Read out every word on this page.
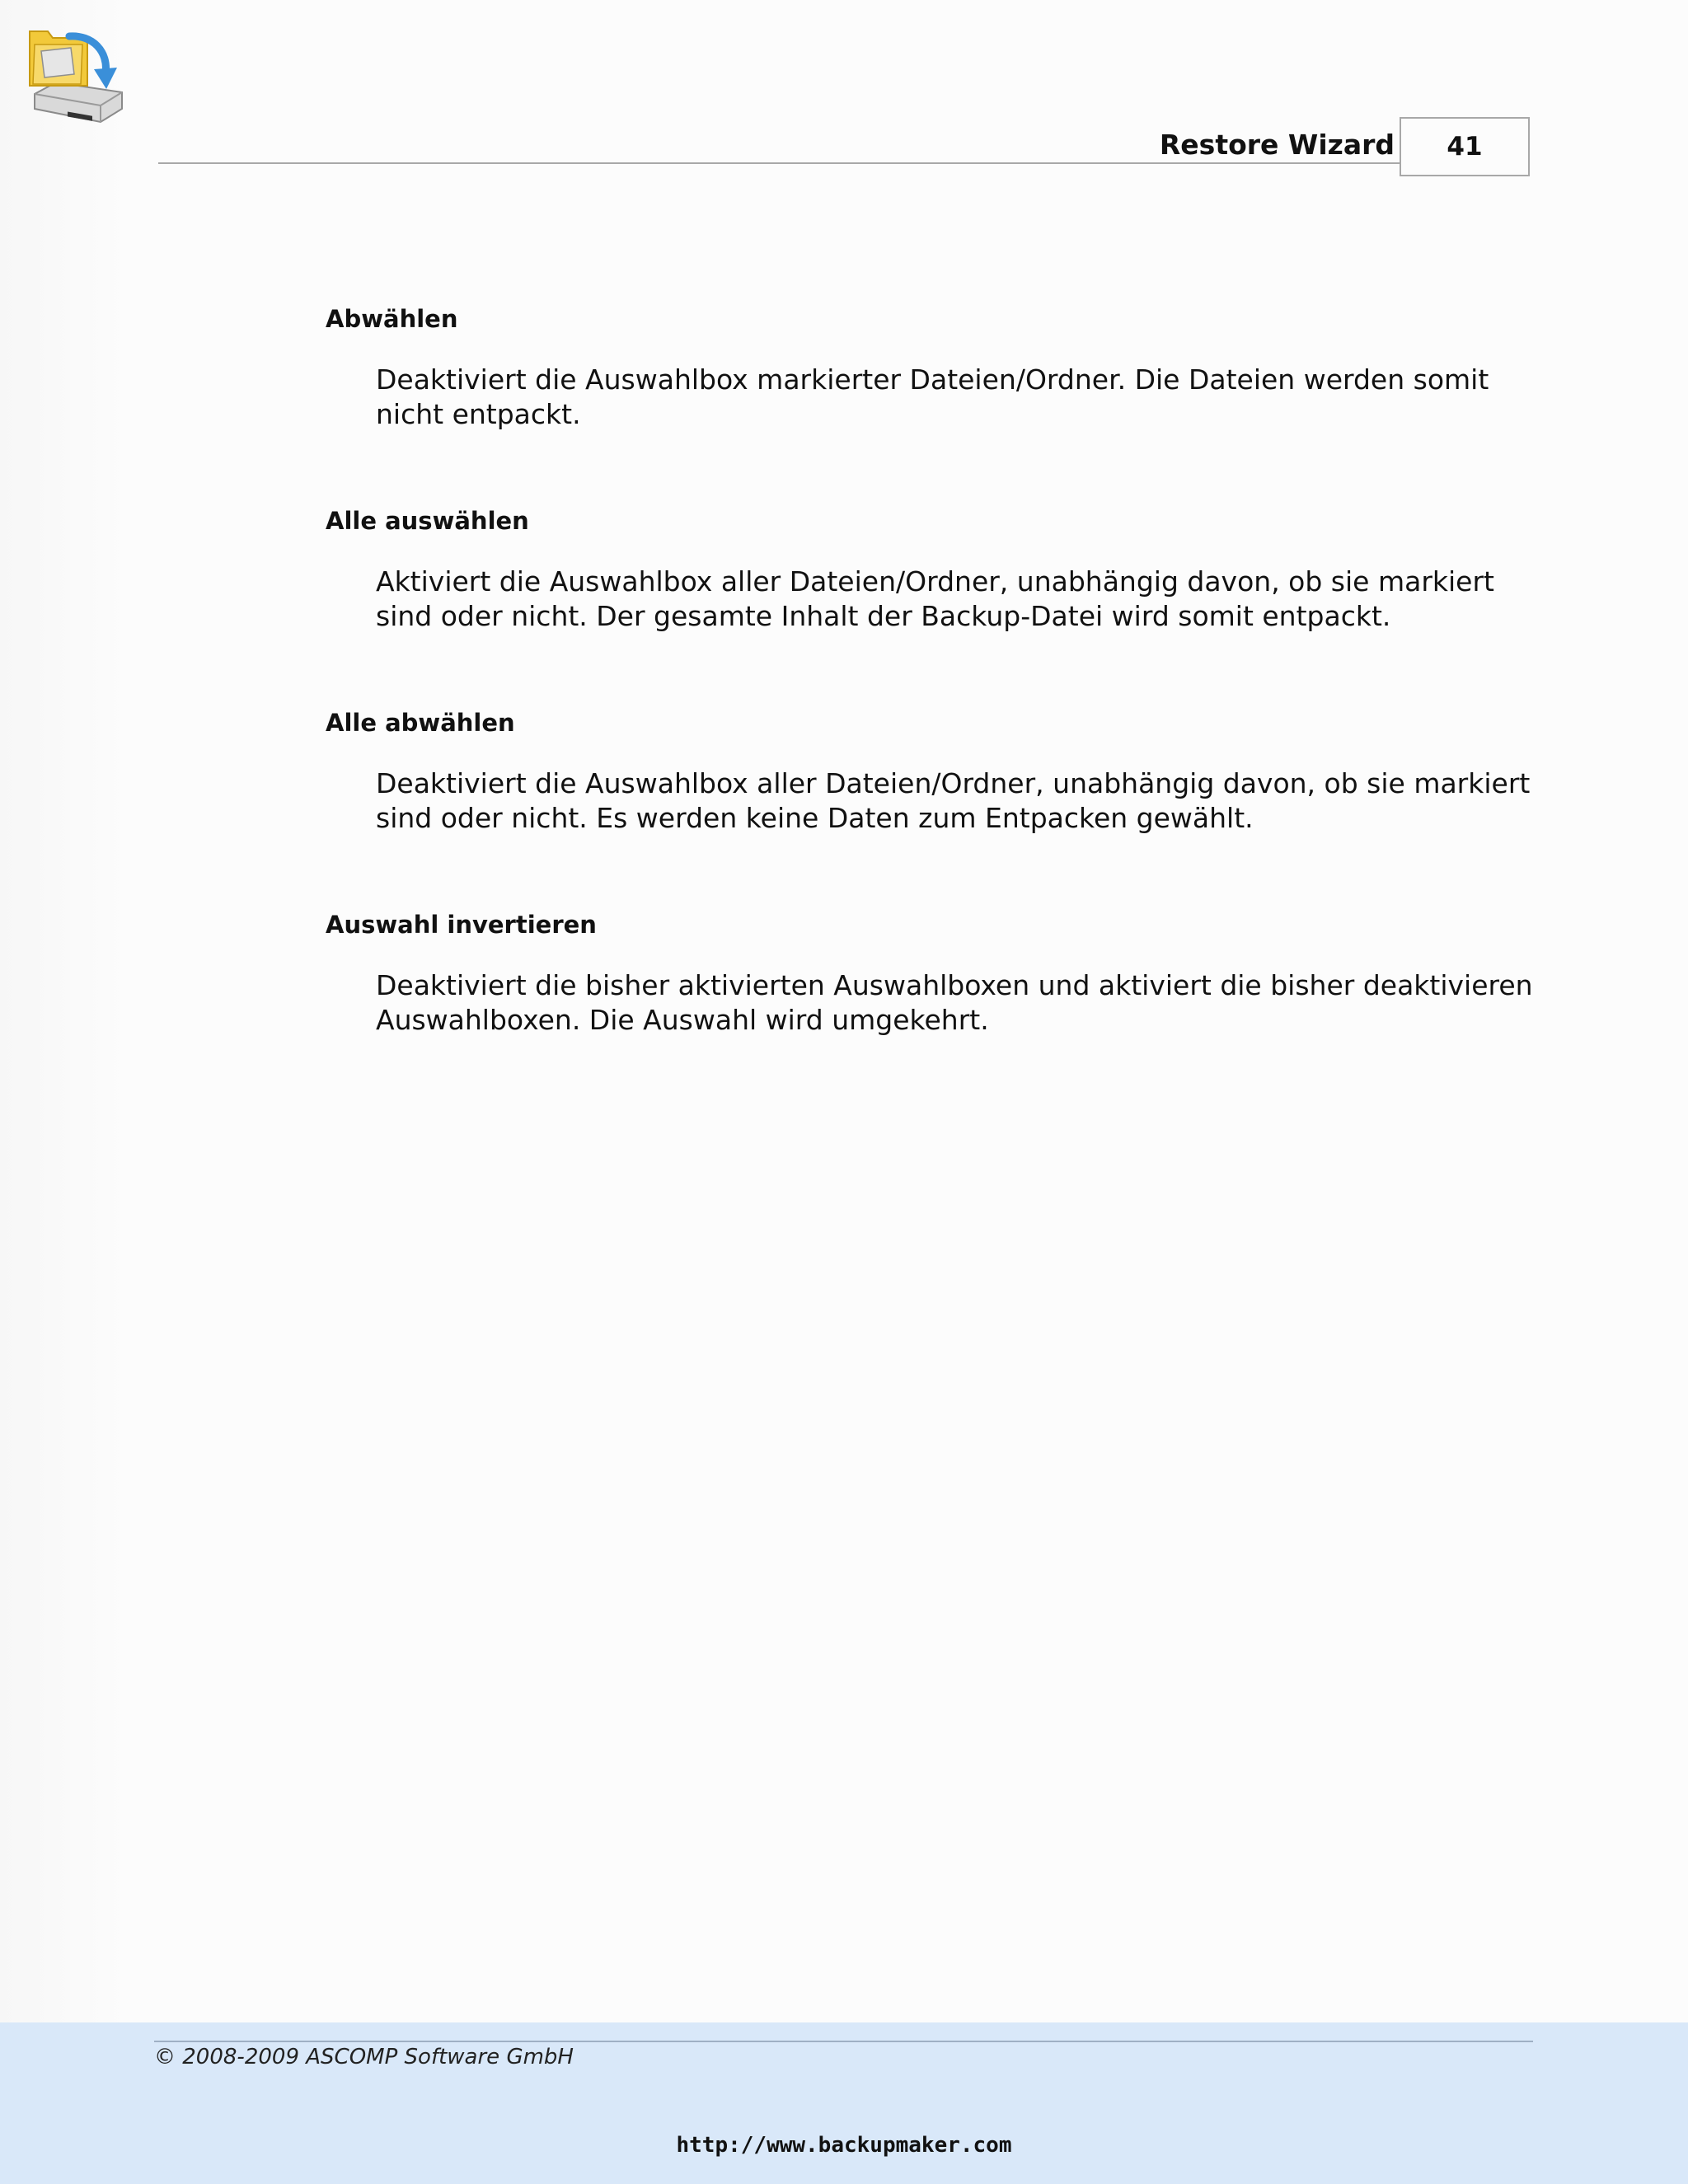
Restore Wizard 41

Abwählen

Deaktiviert die Auswahlbox markierter Dateien/Ordner. Die Dateien werden somit nicht entpackt.

Alle auswählen

Aktiviert die Auswahlbox aller Dateien/Ordner, unabhängig davon, ob sie markiert sind oder nicht. Der gesamte Inhalt der Backup-Datei wird somit entpackt.

Alle abwählen

Deaktiviert die Auswahlbox aller Dateien/Ordner, unabhängig davon, ob sie markiert sind oder nicht. Es werden keine Daten zum Entpacken gewählt.

Auswahl invertieren

Deaktiviert die bisher aktivierten Auswahlboxen und aktiviert die bisher deaktivieren Auswahlboxen. Die Auswahl wird umgekehrt.

© 2008-2009 ASCOMP Software GmbH
http://www.backupmaker.com
